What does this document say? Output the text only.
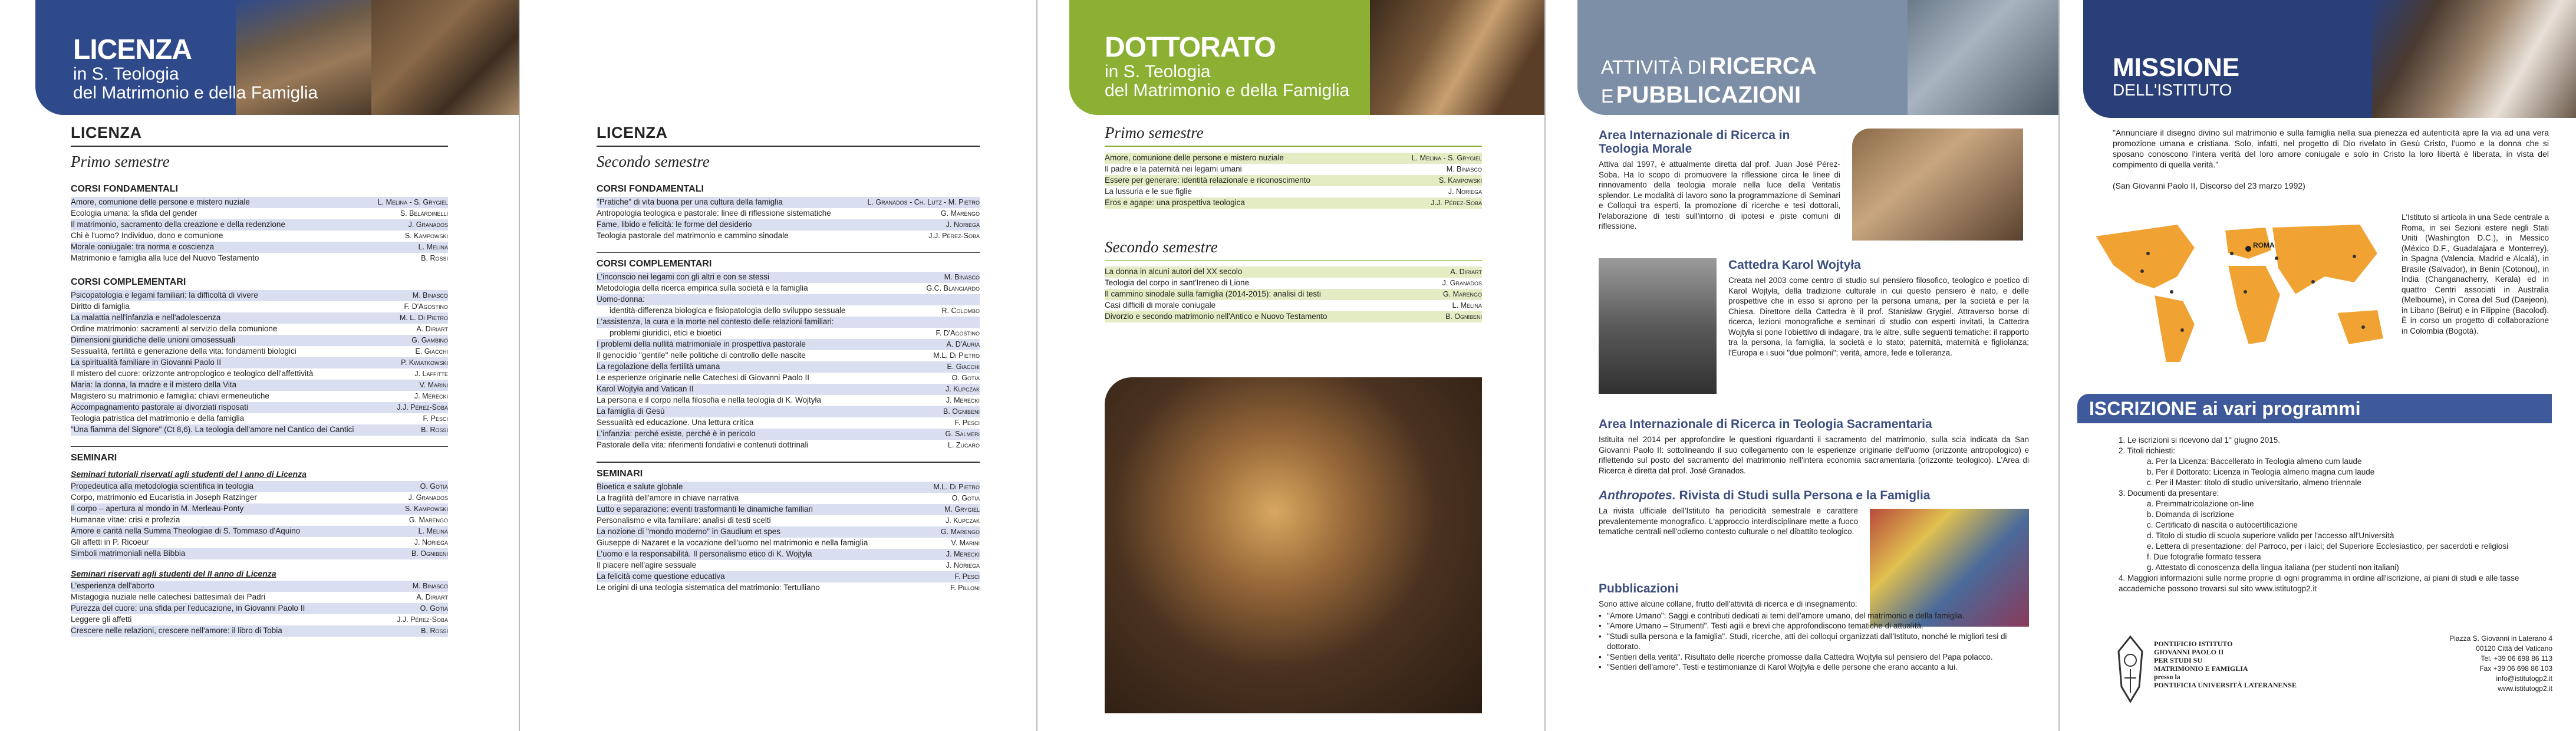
LICENZA
in S. Teologia
del Matrimonio e della Famiglia
LICENZA
Primo semestre
CORSI FONDAMENTALI
Amore, comunione delle persone e mistero nuziale	L. Melina - S. Grygiel
Ecologia umana: la sfida del gender	S. Belardinelli
Il matrimonio, sacramento della creazione e della redenzione	J. Granados
Chi è l'uomo? Individuo, dono e comunione	S. Kampowski
Morale coniugale: tra norma e coscienza	L. Melina
Matrimonio e famiglia alla luce del Nuovo Testamento	B. Rossi
CORSI COMPLEMENTARI
Psicopatologia e legami familiari: la difficoltà di vivere	M. Binasco
Diritto di famiglia	F. D'Agostino
La malattia nell'infanzia e nell'adolescenza	M. L. Di Pietro
Ordine matrimonio: sacramenti al servizio della comunione	A. Diriart
Dimensioni giuridiche delle unioni omosessuali	G. Gambino
Sessualità, fertilità e generazione della vita: fondamenti biologici	E. Giacchi
La spiritualità familiare in Giovanni Paolo II	P. Kwiatkowski
Il mistero del cuore: orizzonte antropologico e teologico dell'affettività	J. Laffitte
Maria: la donna, la madre e il mistero della Vita	V. Marini
Magistero su matrimonio e famiglia: chiavi ermeneutiche	J. Merecki
Accompagnamento pastorale ai divorziati risposati	J.J. Pérez-Soba
Teologia patristica del matrimonio e della famiglia	F. Pesci
"Una fiamma del Signore" (Ct 8,6). La teologia dell'amore nel Cantico dei Cantici	B. Rossi
SEMINARI
Seminari tutoriali riservati agli studenti del I anno di Licenza
Propedeutica alla metodologia scientifica in teologia	O. Gotia
Corpo, matrimonio ed Eucaristia in Joseph Ratzinger	J. Granados
Il corpo – apertura al mondo in M. Merleau-Ponty	S. Kampowski
Humanae vitae: crisi e profezia	G. Marengo
Amore e carità nella Summa Theologiae di S. Tommaso d'Aquino	L. Melina
Gli affetti in P. Ricoeur	J. Noriega
Simboli matrimoniali nella Bibbia	B. Ognibeni
Seminari riservati agli studenti del II anno di Licenza
L'esperienza dell'aborto	M. Binasco
Mistagogia nuziale nelle catechesi battesimali dei Padri	A. Diriart
Purezza del cuore: una sfida per l'educazione, in Giovanni Paolo II	O. Gotia
Leggere gli affetti	J.J. Pérez-Soba
Crescere nelle relazioni, crescere nell'amore: il libro di Tobia	B. Rossi
LICENZA
Secondo semestre
CORSI FONDAMENTALI
"Pratiche" di vita buona per una cultura della famiglia	L. Granados - Ch. Lutz - M. Pietro
Antropologia teologica e pastorale: linee di riflessione sistematiche	G. Marengo
Fame, libido e felicità: le forme del desiderio	J. Noriega
Teologia pastorale del matrimonio e cammino sinodale	J.J. Pérez-Soba
CORSI COMPLEMENTARI
L'inconscio nei legami con gli altri e con se stessi	M. Binasco
Metodologia della ricerca empirica sulla società e la famiglia	G.C. Blangiardo
Uomo-donna:
identità-differenza biologica e fisiopatologia dello sviluppo sessuale	R. Colombo
L'assistenza, la cura e la morte nel contesto delle relazioni familiari:
problemi giuridici, etici e bioetici	F. D'Agostino
I problemi della nullità matrimoniale in prospettiva pastorale	A. D'Auria
Il genocidio "gentile" nelle politiche di controllo delle nascite	M.L. Di Pietro
La regolazione della fertilità umana	E. Giacchi
Le esperienze originarie nelle Catechesi di Giovanni Paolo II	O. Gotia
Karol Wojtyła and Vatican II	J. Kupczak
La persona e il corpo nella filosofia e nella teologia di K. Wojtyła	J. Merecki
La famiglia di Gesù	B. Ognibeni
Sessualità ed educazione. Una lettura critica	F. Pesci
L'infanzia: perché esiste, perché è in pericolo	G. Salmeri
Pastorale della vita: riferimenti fondativi e contenuti dottrinali	L. Zucaro
SEMINARI
Bioetica e salute globale	M.L. Di Pietro
La fragilità dell'amore in chiave narrativa	O. Gotia
Lutto e separazione: eventi trasformanti le dinamiche familiari	M. Grygiel
Personalismo e vita familiare: analisi di testi scelti	J. Kupczak
La nozione di "mondo moderno" in Gaudium et spes	G. Marengo
Giuseppe di Nazaret e la vocazione dell'uomo nel matrimonio e nella famiglia	V. Marini
L'uomo e la responsabilità. Il personalismo etico di K. Wojtyła	J. Merecki
Il piacere nell'agire sessuale	J. Noriega
La felicità come questione educativa	F. Pesci
Le origini di una teologia sistematica del matrimonio: Tertulliano	F. Pilloni
DOTTORATO
in S. Teologia
del Matrimonio e della Famiglia
Primo semestre
Amore, comunione delle persone e mistero nuziale	L. Melina - S. Grygiel
Il padre e la paternità nei legami umani	M. Binasco
Essere per generare: identità relazionale e riconoscimento	S. Kampowski
La lussuria e le sue figlie	J. Noriega
Eros e agape: una prospettiva teologica	J.J. Pérez-Soba
Secondo semestre
La donna in alcuni autori del XX secolo	A. Diriart
Teologia del corpo in sant'Ireneo di Lione	J. Granados
Il cammino sinodale sulla famiglia (2014-2015): analisi di testi	G. Marengo
Casi difficili di morale coniugale	L. Melina
Divorzio e secondo matrimonio nell'Antico e Nuovo Testamento	B. Ognibeni
ATTIVITÀ DI RICERCA
E PUBBLICAZIONI
Area Internazionale di Ricerca in Teologia Morale

Attiva dal 1997, è attualmente diretta dal prof. Juan José Pérez-Soba. Ha lo scopo di promuovere la riflessione circa le linee di rinnovamento della teologia morale nella luce della Veritatis splendor. Le modalità di lavoro sono la programmazione di Seminari e Colloqui tra esperti, la promozione di ricerche e tesi dottorali, l'elaborazione di testi sull'intorno di ipotesi e piste comuni di riflessione.

Cattedra Karol Wojtyła

Creata nel 2003 come centro di studio sul pensiero filosofico, teologico e poetico di Karol Wojtyła, della tradizione culturale in cui questo pensiero è nato, e delle prospettive che in esso si aprono per la persona umana, per la società e per la Chiesa. Direttore della Cattedra è il prof. Stanisław Grygiel. Attraverso borse di ricerca, lezioni monografiche e seminari di studio con esperti invitati, la Cattedra Wojtyła si pone l'obiettivo di indagare, tra le altre, sulle seguenti tematiche: il rapporto tra la persona, la famiglia, la società e lo stato; paternità, maternità e figliolanza; l'Europa e i suoi "due polmoni"; verità, amore, fede e tolleranza.

Area Internazionale di Ricerca in Teologia Sacramentaria

Istituita nel 2014 per approfondire le questioni riguardanti il sacramento del matrimonio, sulla scia indicata da San Giovanni Paolo II: sottolineando il suo collegamento con le esperienze originarie dell'uomo (orizzonte antropologico) e riflettendo sul posto del sacramento del matrimonio nell'intera economia sacramentaria (orizzonte teologico). L'Area di Ricerca è diretta dal prof. José Granados.

Anthropotes. Rivista di Studi sulla Persona e la Famiglia

La rivista ufficiale dell'Istituto ha periodicità semestrale e carattere prevalentemente monografico. L'approccio interdisciplinare mette a fuoco tematiche centrali nell'odierno contesto culturale o nel dibattito teologico.

Pubblicazioni

Sono attive alcune collane, frutto dell'attività di ricerca e di insegnamento:

• "Amore Umano": Saggi e contributi dedicati ai temi dell'amore umano, del matrimonio e della famiglia.
• "Amore Umano – Strumenti". Testi agili e brevi che approfondiscono tematiche di attualità.
• "Studi sulla persona e la famiglia". Studi, ricerche, atti dei colloqui organizzati dall'Istituto, nonché le migliori tesi di dottorato.
• "Sentieri della verità". Risultato delle ricerche promosse dalla Cattedra Wojtyła sul pensiero del Papa polacco.
• "Sentieri dell'amore". Testi e testimonianze di Karol Wojtyła e delle persone che erano accanto a lui.
MISSIONE
DELL'ISTITUTO

"Annunciare il disegno divino sul matrimonio e sulla famiglia nella sua pienezza ed autenticità apre la via ad una vera promozione umana e cristiana. Solo, infatti, nel progetto di Dio rivelato in Gesù Cristo, l'uomo e la donna che si sposano conoscono l'intera verità del loro amore coniugale e solo in Cristo la loro libertà è liberata, in vista del compimento di quella verità."

(San Giovanni Paolo II, Discorso del 23 marzo 1992)

ROMA

L'Istituto si articola in una Sede centrale a Roma, in sei Sezioni estere negli Stati Uniti (Washington D.C.), in Messico (México D.F., Guadalajara e Monterrey), in Spagna (Valencia, Madrid e Alcalá), in Brasile (Salvador), in Benin (Cotonou), in India (Changanacherry, Kerala) ed in quattro Centri associati in Australia (Melbourne), in Corea del Sud (Daejeon), in Libano (Beirut) e in Filippine (Bacolod). È in corso un progetto di collaborazione in Colombia (Bogotá).

ISCRIZIONE ai vari programmi
1. Le iscrizioni si ricevono dal 1° giugno 2015.
2. Titoli richiesti:
a. Per la Licenza: Baccellerato in Teologia almeno cum laude
b. Per il Dottorato: Licenza in Teologia almeno magna cum laude
c. Per il Master: titolo di studio universitario, almeno triennale
3. Documenti da presentare:
a. Preimmatricolazione on-line
b. Domanda di iscrizione
c. Certificato di nascita o autocertificazione
d. Titolo di studio di scuola superiore valido per l'accesso all'Università
e. Lettera di presentazione: del Parroco, per i laici; del Superiore Ecclesiastico, per sacerdoti e religiosi
f. Due fotografie formato tessera
g. Attestato di conoscenza della lingua italiana (per studenti non italiani)
4. Maggiori informazioni sulle norme proprie di ogni programma in ordine all'iscrizione, ai piani di studi e alle tasse accademiche possono trovarsi sul sito www.istitutogp2.it
PONTIFICIO ISTITUTO
GIOVANNI PAOLO II
PER STUDI SU
MATRIMONIO E FAMIGLIA
presso la
PONTIFICIA UNIVERSITÀ LATERANENSE
Piazza S. Giovanni in Laterano 4
00120 Città del Vaticano
Tel. +39 06 698 86 113
Fax +39 06 698 86 103
info@istitutogp2.it
www.istitutogp2.it
